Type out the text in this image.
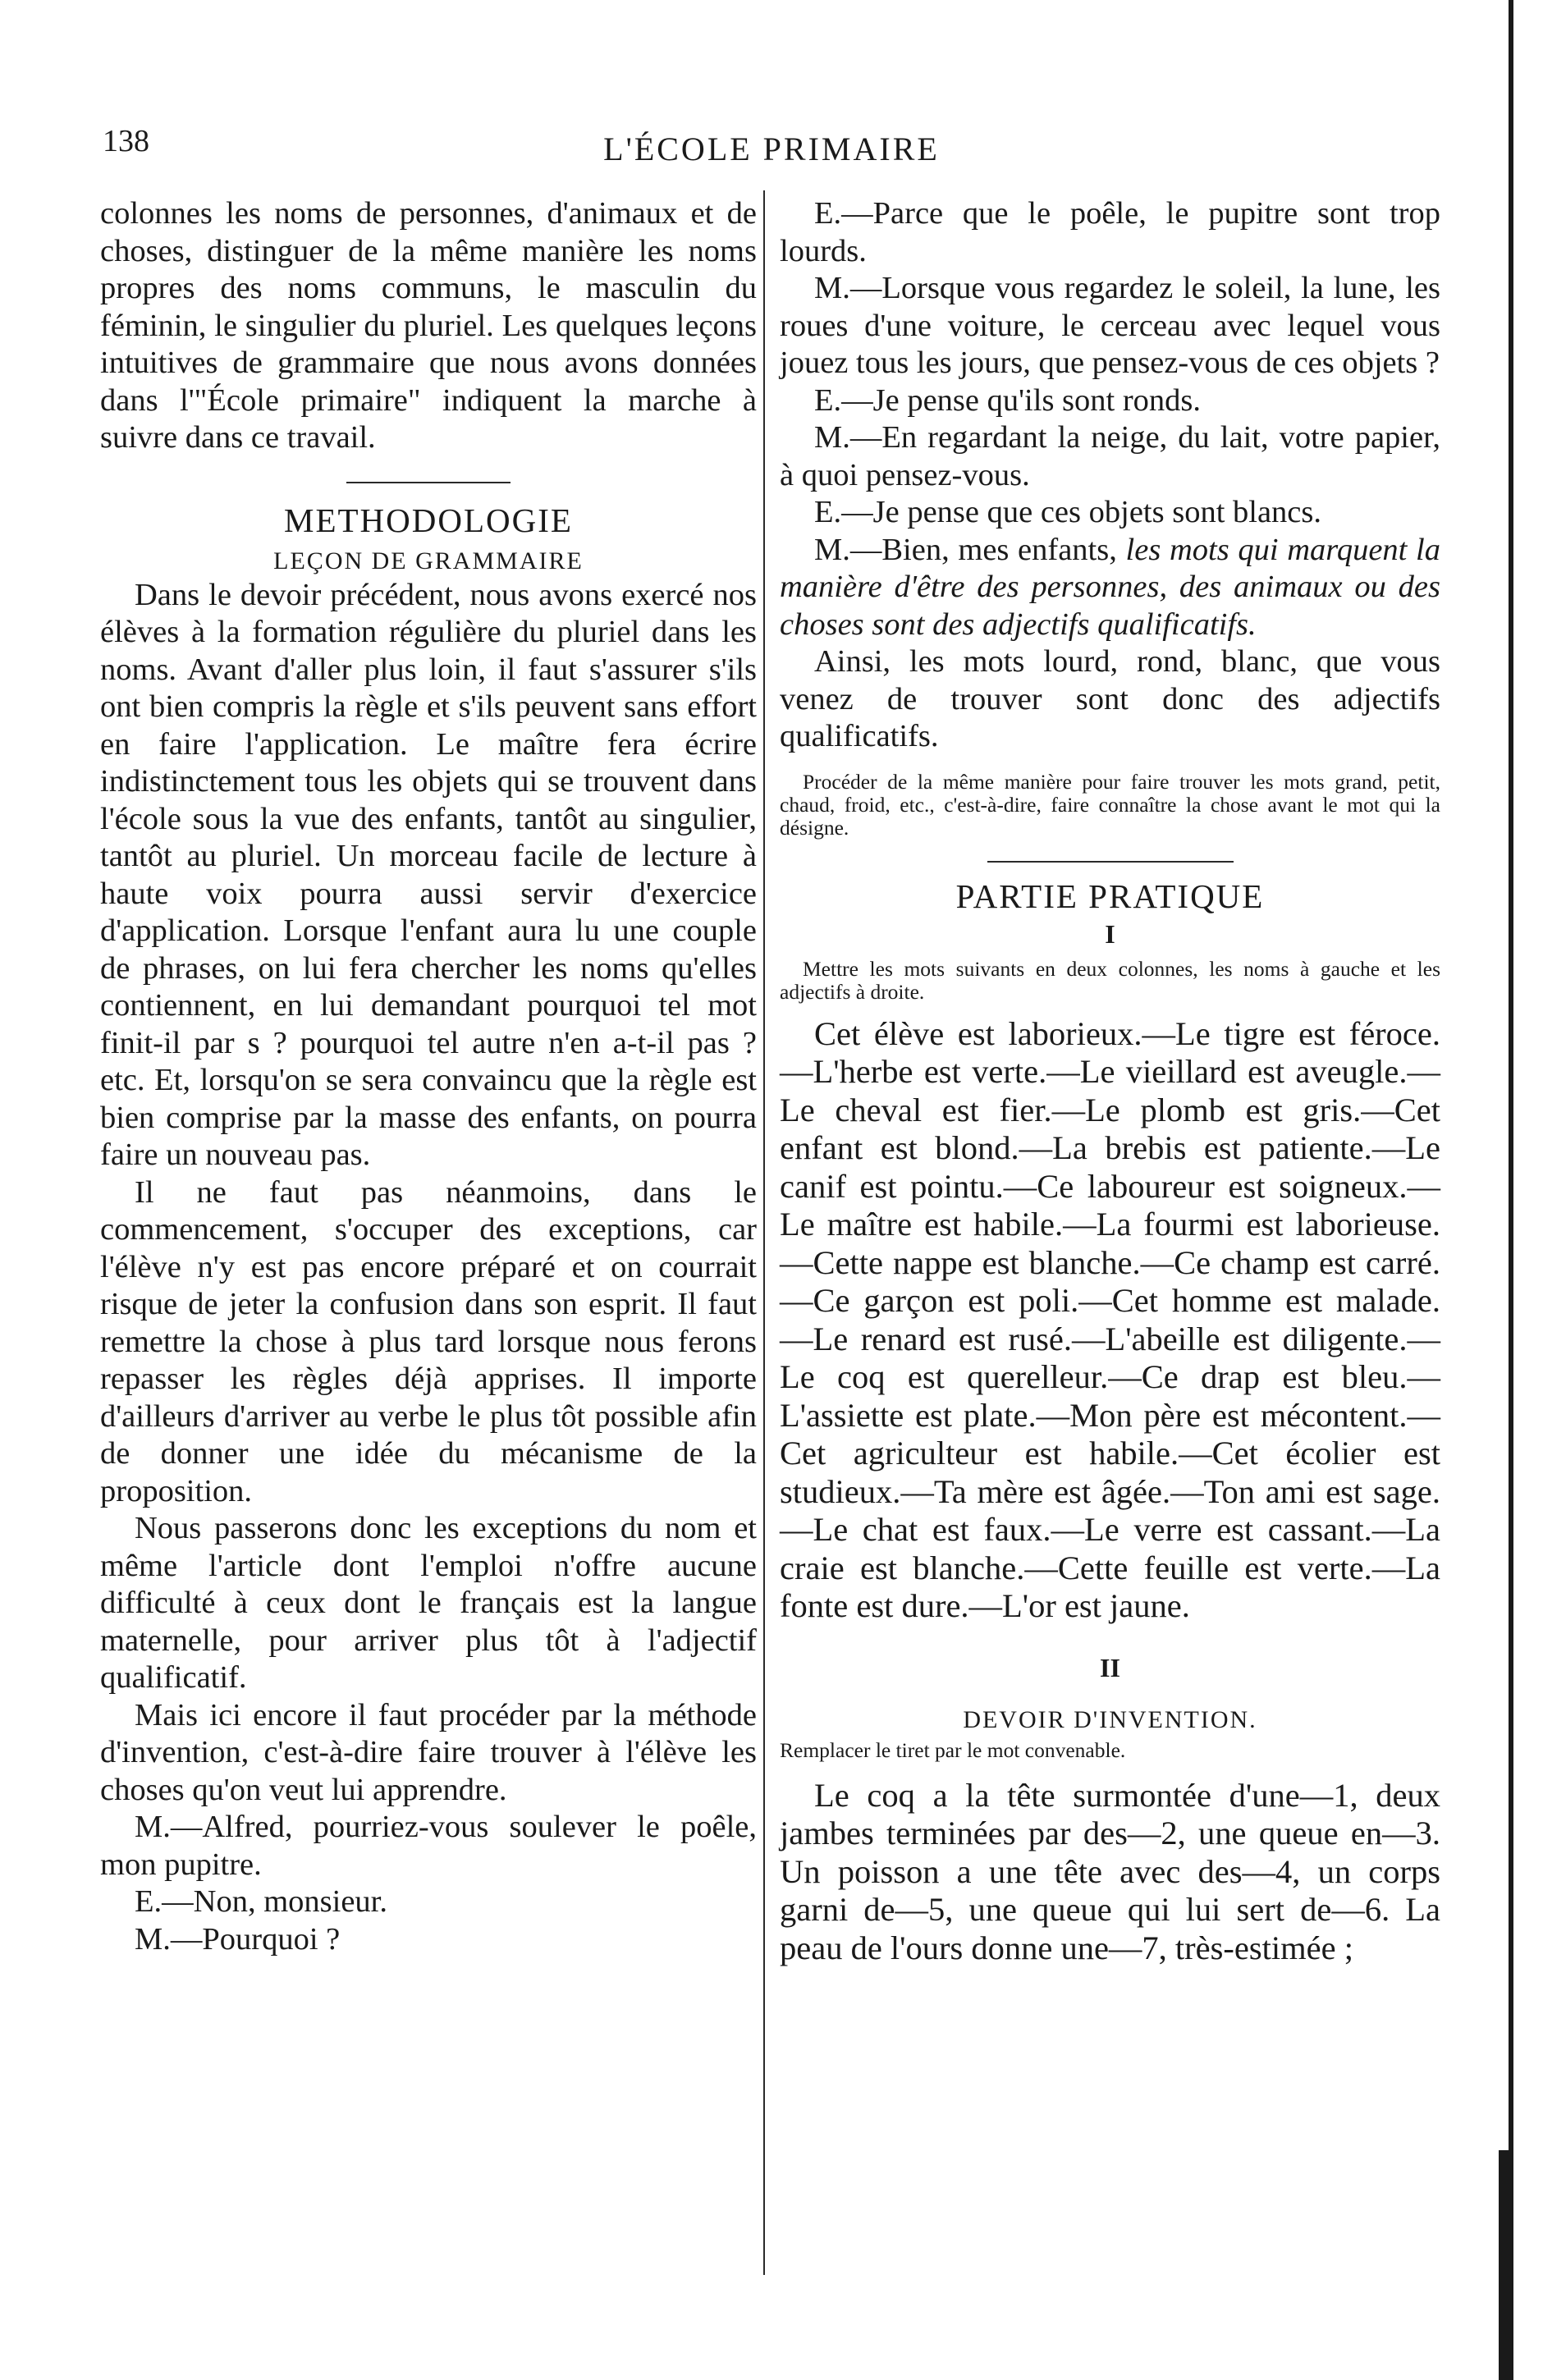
138	L'ÉCOLE PRIMAIRE

colonnes les noms de personnes, d'animaux et de choses, distinguer de la même manière les noms propres des noms communs, le masculin du féminin, le singulier du pluriel. Les quelques leçons intuitives de grammaire que nous avons données dans l'"École primaire" indiquent la marche à suivre dans ce travail.

METHODOLOGIE

LEÇON DE GRAMMAIRE

Dans le devoir précédent, nous avons exercé nos élèves à la formation régulière du pluriel dans les noms. Avant d'aller plus loin, il faut s'assurer s'ils ont bien compris la règle et s'ils peuvent sans effort en faire l'application. Le maître fera écrire indistinctement tous les objets qui se trouvent dans l'école sous la vue des enfants, tantôt au singulier, tantôt au pluriel. Un morceau facile de lecture à haute voix pourra aussi servir d'exercice d'application. Lorsque l'enfant aura lu une couple de phrases, on lui fera chercher les noms qu'elles contiennent, en lui demandant pourquoi tel mot finit-il par s ? pourquoi tel autre n'en a-t-il pas ? etc. Et, lorsqu'on se sera convaincu que la règle est bien comprise par la masse des enfants, on pourra faire un nouveau pas.

Il ne faut pas néanmoins, dans le commencement, s'occuper des exceptions, car l'élève n'y est pas encore préparé et on courrait risque de jeter la confusion dans son esprit. Il faut remettre la chose à plus tard lorsque nous ferons repasser les règles déjà apprises. Il importe d'ailleurs d'arriver au verbe le plus tôt possible afin de donner une idée du mécanisme de la proposition.

Nous passerons donc les exceptions du nom et même l'article dont l'emploi n'offre aucune difficulté à ceux dont le français est la langue maternelle, pour arriver plus tôt à l'adjectif qualificatif.

Mais ici encore il faut procéder par la méthode d'invention, c'est-à-dire faire trouver à l'élève les choses qu'on veut lui apprendre.

M.—Alfred, pourriez-vous soulever le poêle, mon pupitre.

E.—Non, monsieur.

M.—Pourquoi ?

E.—Parce que le poêle, le pupitre sont trop lourds.

M.—Lorsque vous regardez le soleil, la lune, les roues d'une voiture, le cerceau avec lequel vous jouez tous les jours, que pensez-vous de ces objets ?

E.—Je pense qu'ils sont ronds.

M.—En regardant la neige, du lait, votre papier, à quoi pensez-vous.

E.—Je pense que ces objets sont blancs.

M.—Bien, mes enfants, les mots qui marquent la manière d'être des personnes, des animaux ou des choses sont des adjectifs qualificatifs.

Ainsi, les mots lourd, rond, blanc, que vous venez de trouver sont donc des adjectifs qualificatifs.

Procéder de la même manière pour faire trouver les mots grand, petit, chaud, froid, etc., c'est-à-dire, faire connaître la chose avant le mot qui la désigne.

PARTIE PRATIQUE

I

Mettre les mots suivants en deux colonnes, les noms à gauche et les adjectifs à droite.

Cet élève est laborieux.—Le tigre est féroce.—L'herbe est verte.—Le vieillard est aveugle.—Le cheval est fier.—Le plomb est gris.—Cet enfant est blond.—La brebis est patiente.—Le canif est pointu.—Ce laboureur est soigneux.—Le maître est habile.—La fourmi est laborieuse.—Cette nappe est blanche.—Ce champ est carré.—Ce garçon est poli.—Cet homme est malade.—Le renard est rusé.—L'abeille est diligente.—Le coq est querelleur.—Ce drap est bleu.—L'assiette est plate.—Mon père est mécontent.—Cet agriculteur est habile.—Cet écolier est studieux.—Ta mère est âgée.—Ton ami est sage.—Le chat est faux.—Le verre est cassant.—La craie est blanche.—Cette feuille est verte.—La fonte est dure.—L'or est jaune.

II

DEVOIR D'INVENTION.

Remplacer le tiret par le mot convenable.

Le coq a la tête surmontée d'une—1, deux jambes terminées par des—2, une queue en—3. Un poisson a une tête avec des—4, un corps garni de—5, une queue qui lui sert de—6. La peau de l'ours donne une—7, très-estimée ;
